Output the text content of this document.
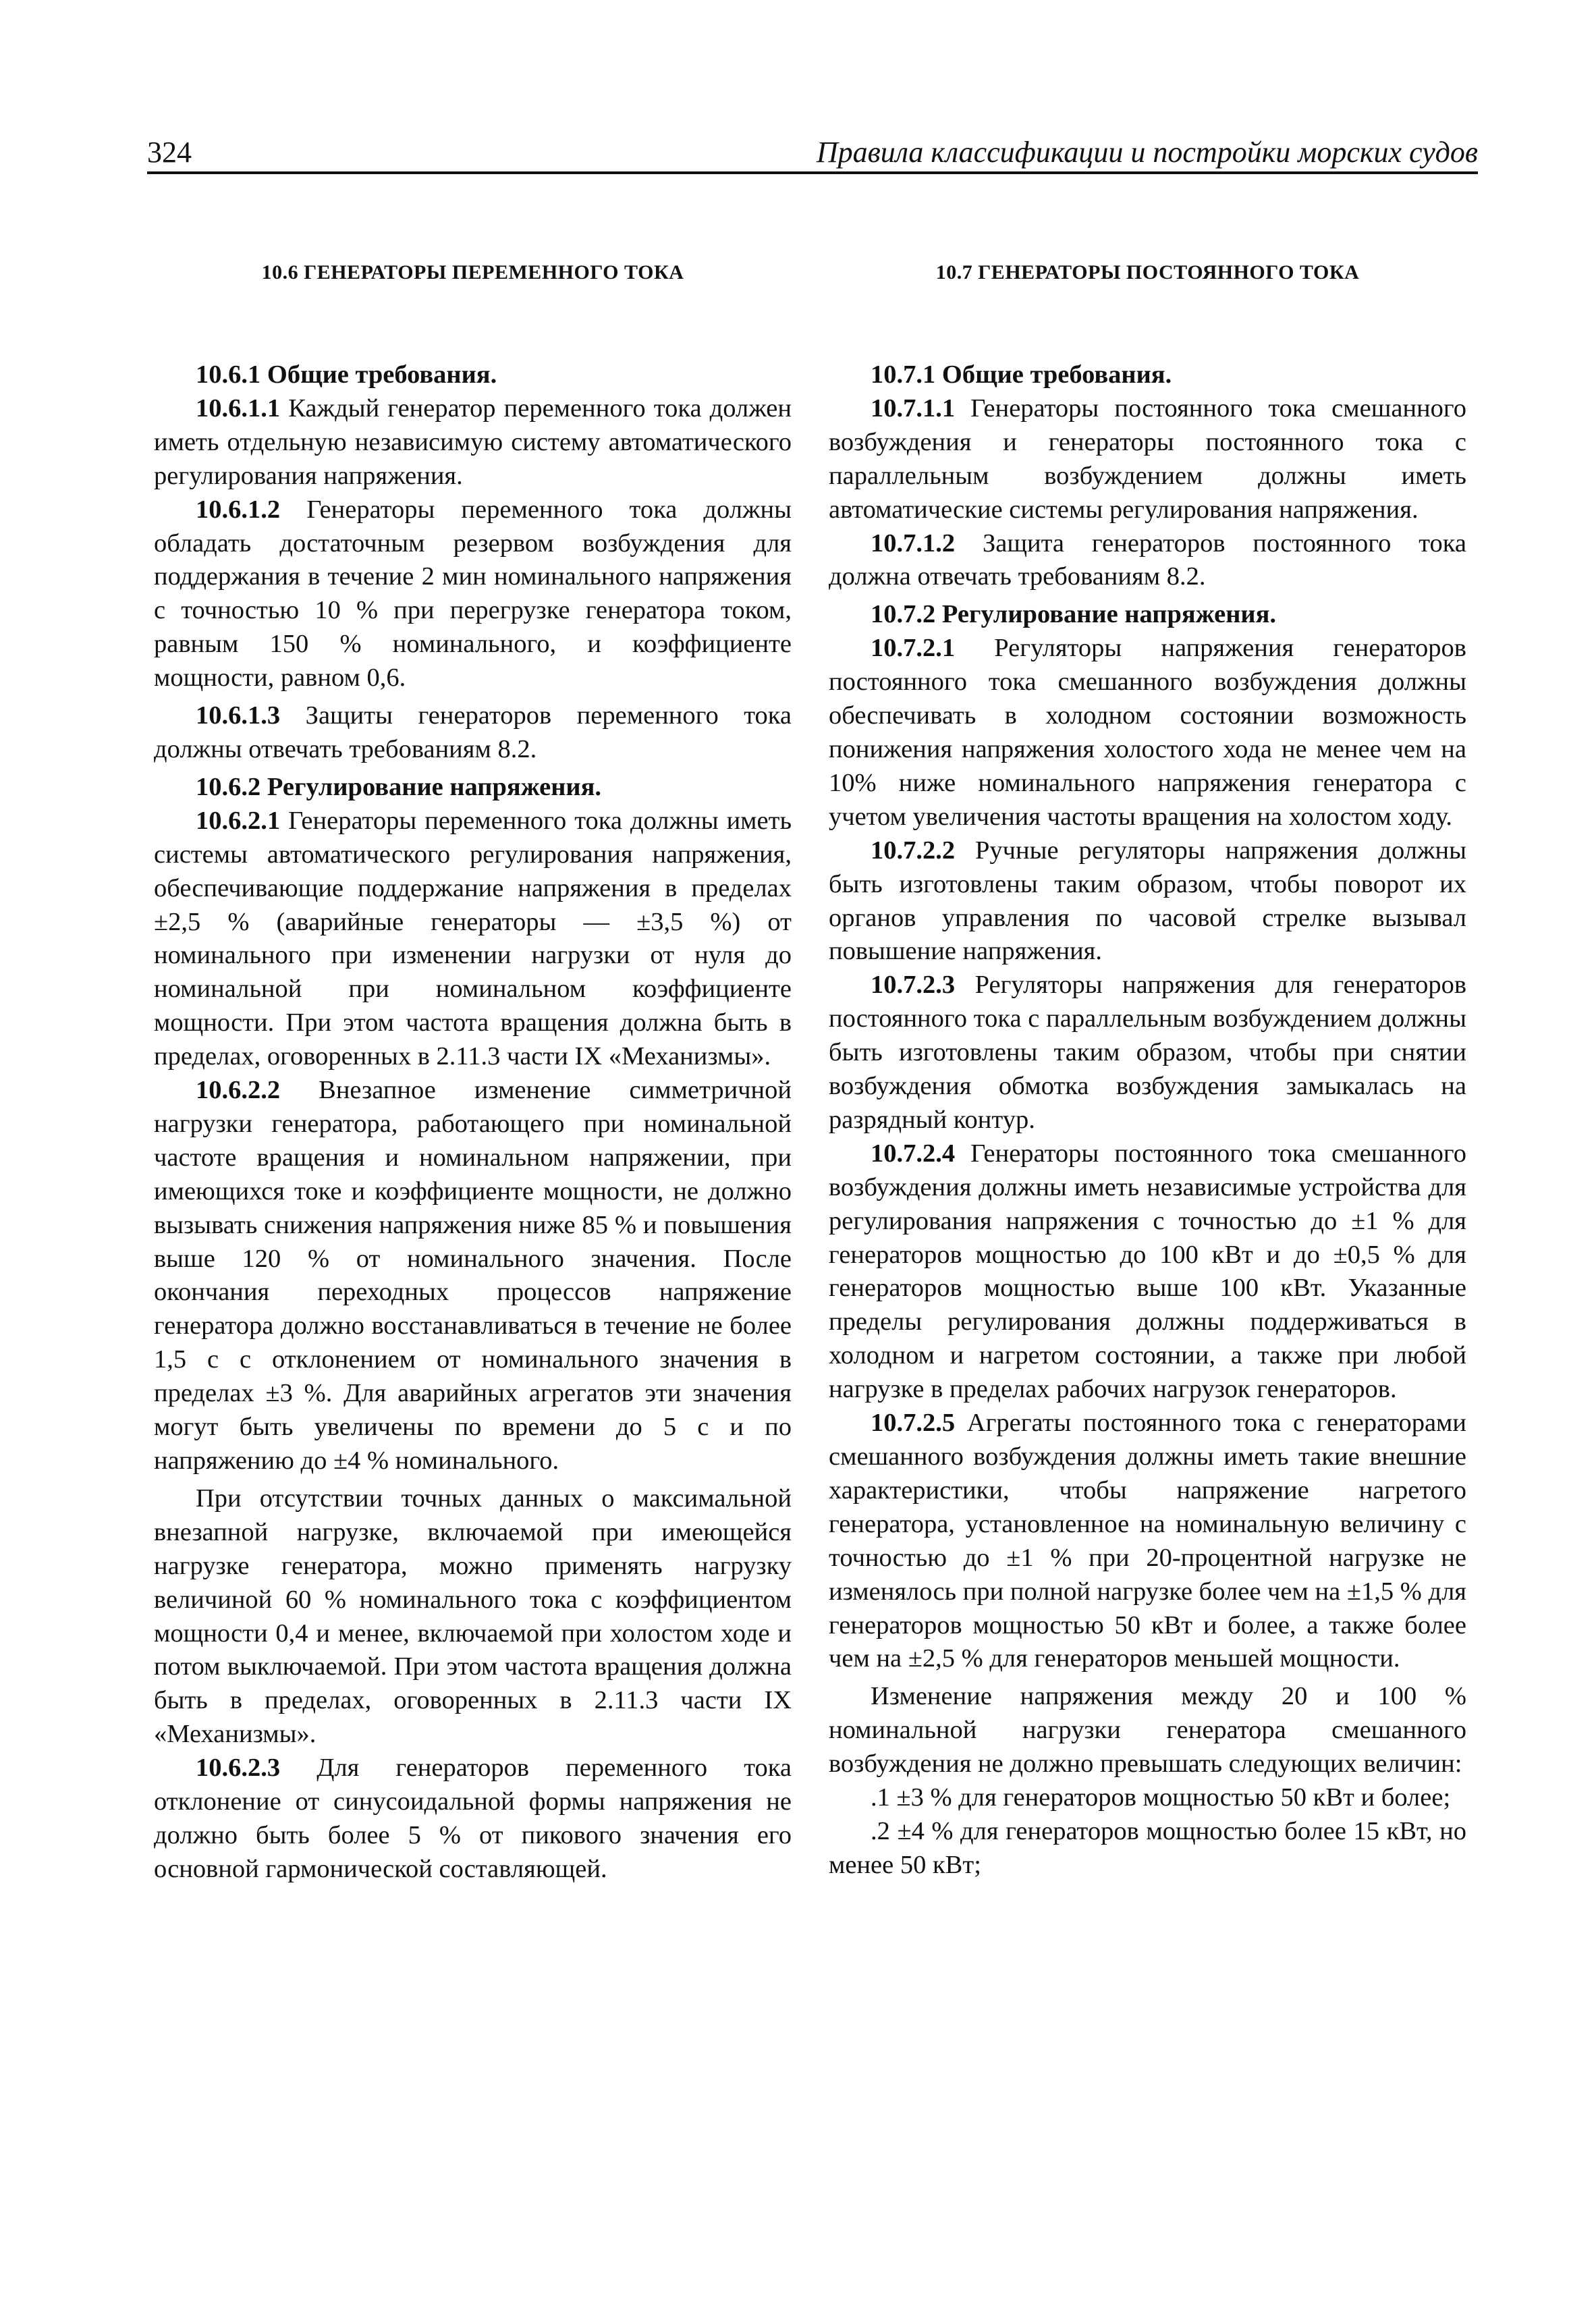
324	Правила классификации и постройки морских судов
10.6 ГЕНЕРАТОРЫ ПЕРЕМЕННОГО ТОКА

10.6.1 Общие требования.

10.6.1.1 Каждый генератор переменного тока должен иметь отдельную независимую систему автоматического регулирования напряжения.

10.6.1.2 Генераторы переменного тока должны обладать достаточным резервом возбуждения для поддержания в течение 2 мин номинального напряжения с точностью 10 % при перегрузке генератора током, равным 150 % номинального, и коэффициенте мощности, равном 0,6.

10.6.1.3 Защиты генераторов переменного тока должны отвечать требованиям 8.2.

10.6.2 Регулирование напряжения.

10.6.2.1 Генераторы переменного тока должны иметь системы автоматического регулирования напряжения, обеспечивающие поддержание напряжения в пределах ±2,5 % (аварийные генераторы — ±3,5 %) от номинального при изменении нагрузки от нуля до номинальной при номинальном коэффициенте мощности. При этом частота вращения должна быть в пределах, оговоренных в 2.11.3 части IX «Механизмы».

10.6.2.2 Внезапное изменение симметричной нагрузки генератора, работающего при номинальной частоте вращения и номинальном напряжении, при имеющихся токе и коэффициенте мощности, не должно вызывать снижения напряжения ниже 85 % и повышения выше 120 % от номинального значения. После окончания переходных процессов напряжение генератора должно восстанавливаться в течение не более 1,5 с с отклонением от номинального значения в пределах ±3 %. Для аварийных агрегатов эти значения могут быть увеличены по времени до 5 с и по напряжению до ±4 % номинального.

При отсутствии точных данных о максимальной внезапной нагрузке, включаемой при имеющейся нагрузке генератора, можно применять нагрузку величиной 60 % номинального тока с коэффициентом мощности 0,4 и менее, включаемой при холостом ходе и потом выключаемой. При этом частота вращения должна быть в пределах, оговоренных в 2.11.3 части IX «Механизмы».

10.6.2.3 Для генераторов переменного тока отклонение от синусоидальной формы напряжения не должно быть более 5 % от пикового значения его основной гармонической составляющей.

10.7 ГЕНЕРАТОРЫ ПОСТОЯННОГО ТОКА

10.7.1 Общие требования.

10.7.1.1 Генераторы постоянного тока смешанного возбуждения и генераторы постоянного тока с параллельным возбуждением должны иметь автоматические системы регулирования напряжения.

10.7.1.2 Защита генераторов постоянного тока должна отвечать требованиям 8.2.

10.7.2 Регулирование напряжения.

10.7.2.1 Регуляторы напряжения генераторов постоянного тока смешанного возбуждения должны обеспечивать в холодном состоянии возможность понижения напряжения холостого хода не менее чем на 10% ниже номинального напряжения генератора с учетом увеличения частоты вращения на холостом ходу.

10.7.2.2 Ручные регуляторы напряжения должны быть изготовлены таким образом, чтобы поворот их органов управления по часовой стрелке вызывал повышение напряжения.

10.7.2.3 Регуляторы напряжения для генераторов постоянного тока с параллельным возбуждением должны быть изготовлены таким образом, чтобы при снятии возбуждения обмотка возбуждения замыкалась на разрядный контур.

10.7.2.4 Генераторы постоянного тока смешанного возбуждения должны иметь независимые устройства для регулирования напряжения с точностью до ±1 % для генераторов мощностью до 100 кВт и до ±0,5 % для генераторов мощностью выше 100 кВт. Указанные пределы регулирования должны поддерживаться в холодном и нагретом состоянии, а также при любой нагрузке в пределах рабочих нагрузок генераторов.

10.7.2.5 Агрегаты постоянного тока с генераторами смешанного возбуждения должны иметь такие внешние характеристики, чтобы напряжение нагретого генератора, установленное на номинальную величину с точностью до ±1 % при 20-процентной нагрузке не изменялось при полной нагрузке более чем на ±1,5 % для генераторов мощностью 50 кВт и более, а также более чем на ±2,5 % для генераторов меньшей мощности.

Изменение напряжения между 20 и 100 % номинальной нагрузки генератора смешанного возбуждения не должно превышать следующих величин:

.1 ±3 % для генераторов мощностью 50 кВт и более;

.2 ±4 % для генераторов мощностью более 15 кВт, но менее 50 кВт;
